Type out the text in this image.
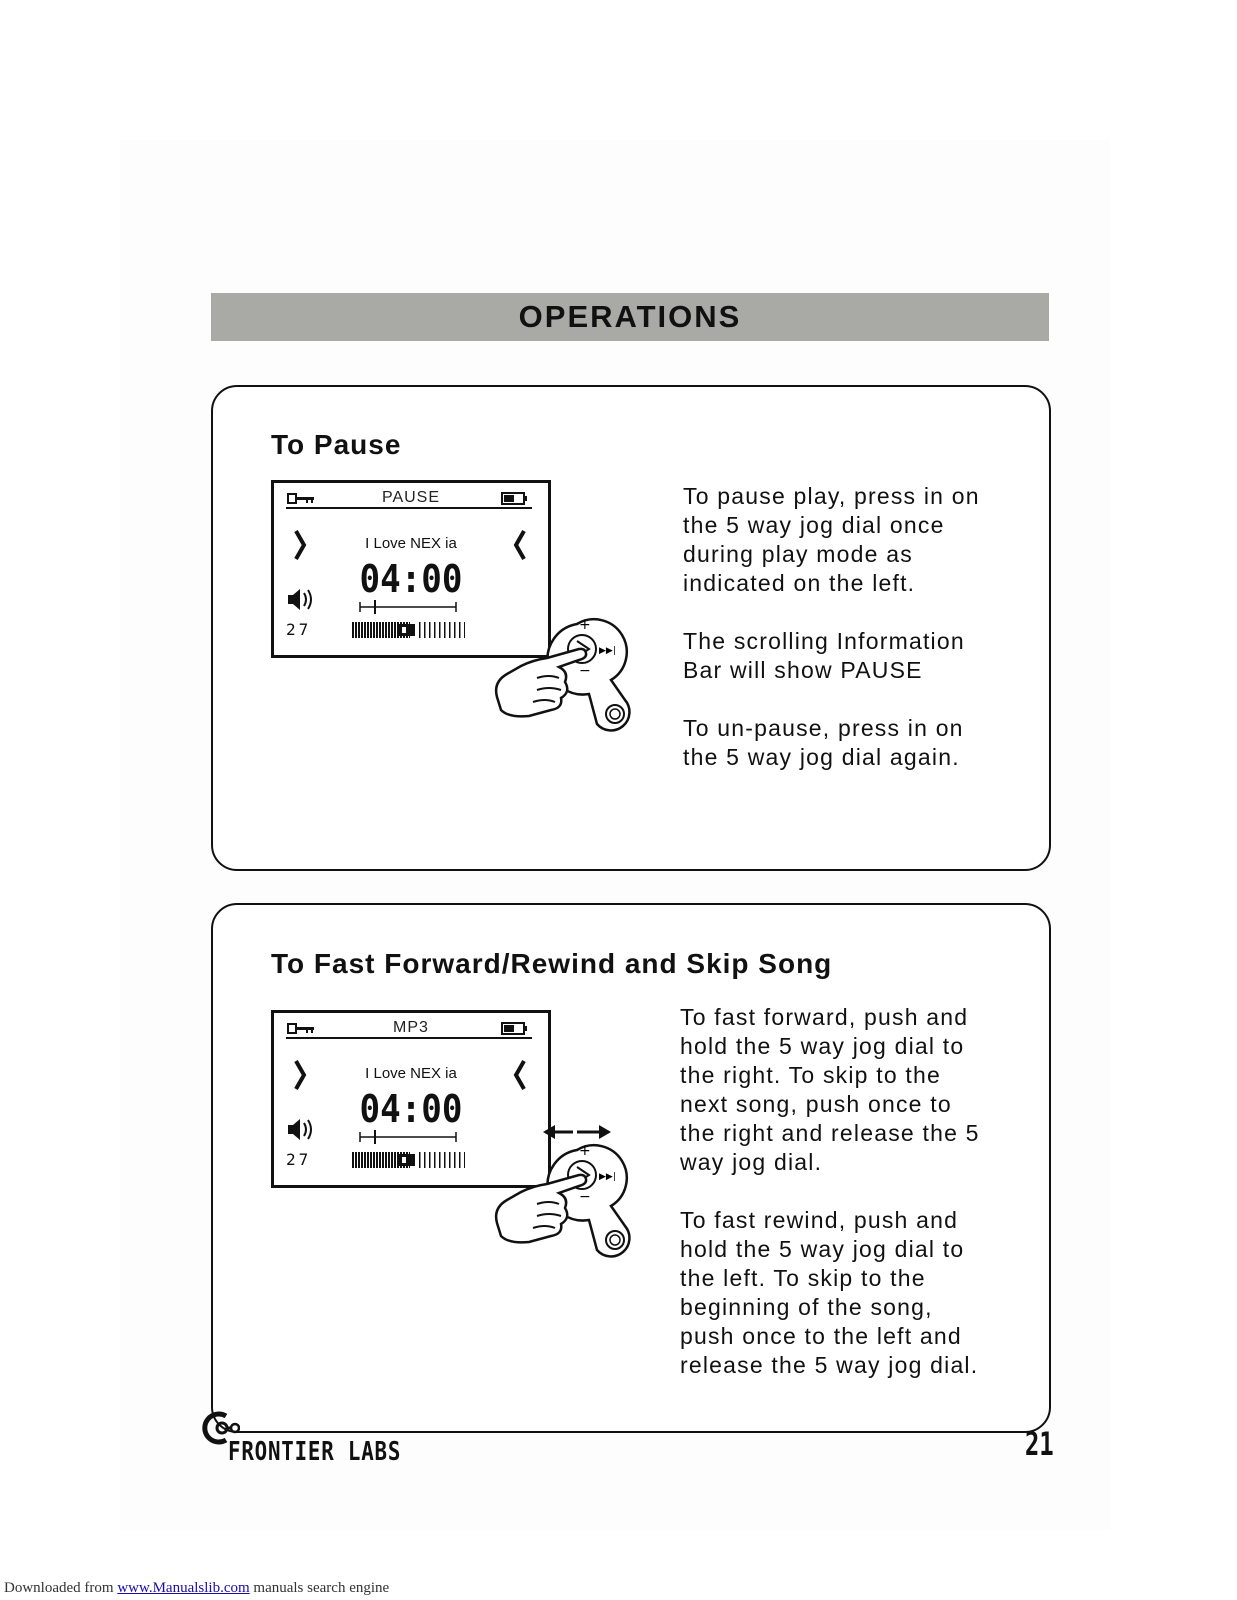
OPERATIONS
To Pause
PAUSE
I Love NEX ia
04:00
27	+
−
▶▶|

To pause play, press in on
the 5 way jog dial once
during play mode as
indicated on the left.

The scrolling Information
Bar will show PAUSE

To un-pause, press in on
the 5 way jog dial again.

To Fast Forward/Rewind and Skip Song
MP3
I Love NEX ia
04:00
27	+
−
▶▶|

To fast forward, push and
hold the 5 way jog dial to
the right. To skip to the
next song, push once to
the right and release the 5
way jog dial.

To fast rewind, push and
hold the 5 way jog dial to
the left. To skip to the
beginning of the song,
push once to the left and
release the 5 way jog dial.

FRONTIER LABS	21
Downloaded from www.Manualslib.com manuals search engine
